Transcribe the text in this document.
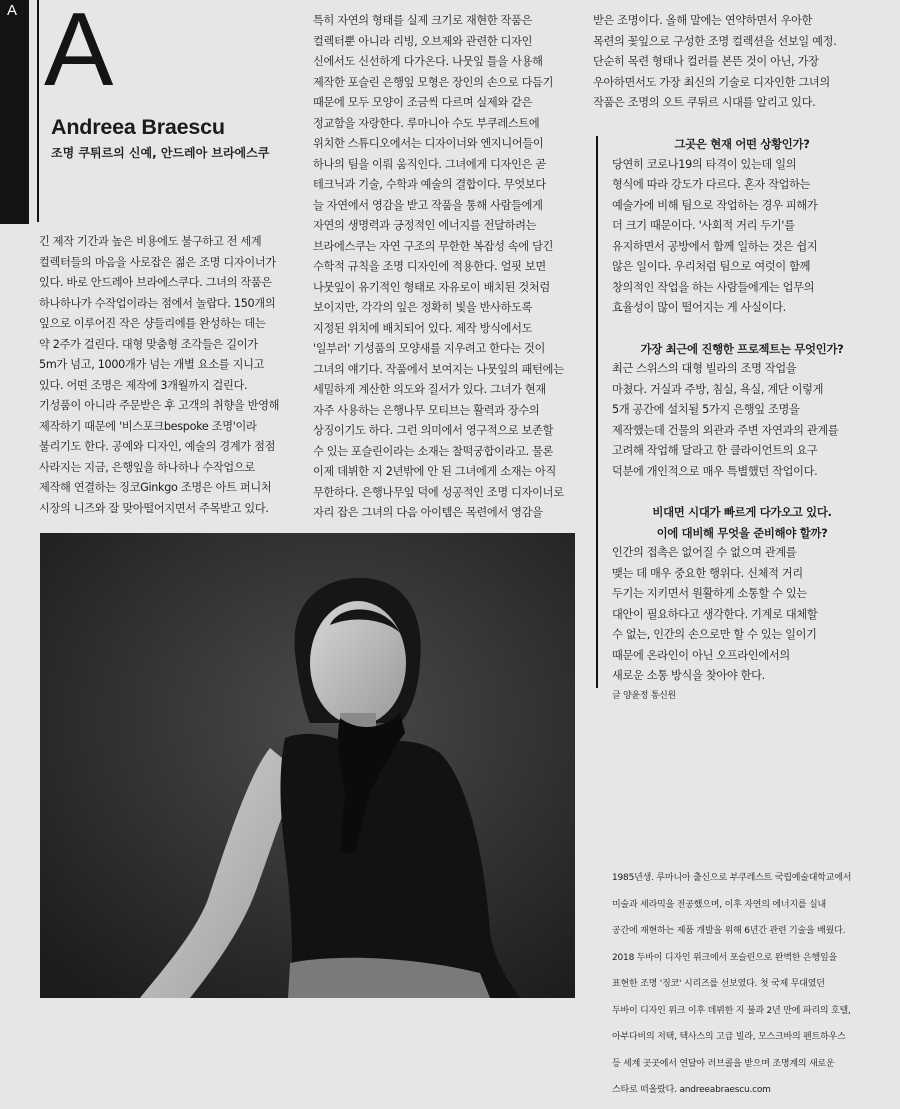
A A
Andreea Braescu
조명 쿠튀르의 신예, 안드레아 브라에스쿠

긴 제작 기간과 높은 비용에도 불구하고 전 세계

컬렉터들의 마음을 사로잡은 젊은 조명 디자이너가

있다. 바로 안드레아 브라에스쿠다. 그녀의 작품은

하나하나가 수작업이라는 점에서 놀랍다. 150개의

잎으로 이루어진 작은 샹들리에를 완성하는 데는

약 2주가 걸린다. 대형 맞춤형 조각들은 길이가

5m가 넘고, 1000개가 넘는 개별 요소를 지니고

있다. 어떤 조명은 제작에 3개월까지 걸린다.

기성품이 아니라 주문받은 후 고객의 취향을 반영해

제작하기 때문에 '비스포크bespoke 조명'이라

불리기도 한다. 공예와 디자인, 예술의 경계가 점점

사라지는 지금, 은행잎을 하나하나 수작업으로

제작해 연결하는 징코Ginkgo 조명은 아트 퍼니처

시장의 니즈와 잘 맞아떨어지면서 주목받고 있다.

특히 자연의 형태를 실제 크기로 재현한 작품은

컬렉터뿐 아니라 리빙, 오브제와 관련한 디자인

신에서도 신선하게 다가온다. 나뭇잎 틀을 사용해

제작한 포슬린 은행잎 모형은 장인의 손으로 다듬기

때문에 모두 모양이 조금씩 다르며 실제와 같은

정교함을 자랑한다. 루마니아 수도 부쿠레스트에

위치한 스튜디오에서는 디자이너와 엔지니어들이

하나의 팀을 이뤄 움직인다. 그녀에게 디자인은 곧

테크닉과 기술, 수학과 예술의 결합이다. 무엇보다

늘 자연에서 영감을 받고 작품을 통해 사람들에게

자연의 생명력과 긍정적인 에너지를 전달하려는

브라에스쿠는 자연 구조의 무한한 복잡성 속에 담긴

수학적 규칙을 조명 디자인에 적용한다. 얼핏 보면

나뭇잎이 유기적인 형태로 자유로이 배치된 것처럼

보이지만, 각각의 잎은 정확히 빛을 반사하도록

지정된 위치에 배치되어 있다. 제작 방식에서도

'일부러' 기성품의 모양새를 지우려고 한다는 것이

그녀의 얘기다. 작품에서 보여지는 나뭇잎의 패턴에는

세밀하게 계산한 의도와 질서가 있다. 그녀가 현재

자주 사용하는 은행나무 모티브는 활력과 장수의

상징이기도 하다. 그런 의미에서 영구적으로 보존할

수 있는 포슬린이라는 소재는 찰떡궁합이라고. 물론

이제 데뷔한 지 2년밖에 안 된 그녀에게 소재는 아직

무한하다. 은행나무잎 덕에 성공적인 조명 디자이너로

자리 잡은 그녀의 다음 아이템은 목련에서 영감을

받은 조명이다. 올해 말에는 연약하면서 우아한

목련의 꽃잎으로 구성한 조명 컬렉션을 선보일 예정.

단순히 목련 형태나 컬러를 본뜬 것이 아닌, 가장

우아하면서도 가장 최신의 기술로 디자인한 그녀의

작품은 조명의 오트 쿠튀르 시대를 알리고 있다.

그곳은 현재 어떤 상황인가?

당연히 코로나19의 타격이 있는데 일의

형식에 따라 강도가 다르다. 혼자 작업하는

예술가에 비해 팀으로 작업하는 경우 피해가

더 크기 때문이다. '사회적 거리 두기'를

유지하면서 공방에서 함께 일하는 것은 쉽지

않은 일이다. 우리처럼 팀으로 여럿이 함께

창의적인 작업을 하는 사람들에게는 업무의

효율성이 많이 떨어지는 게 사실이다.

가장 최근에 진행한 프로젝트는 무엇인가?

최근 스위스의 대형 빌라의 조명 작업을

마쳤다. 거실과 주방, 침실, 욕실, 계단 이렇게

5개 공간에 설치될 5가지 은행잎 조명을

제작했는데 건물의 외관과 주변 자연과의 관계를

고려해 작업해 달라고 한 클라이언트의 요구

덕분에 개인적으로 매우 특별했던 작업이다.

비대면 시대가 빠르게 다가오고 있다.

이에 대비해 무엇을 준비해야 할까?

인간의 접촉은 없어질 수 없으며 관계를

맺는 데 매우 중요한 행위다. 신체적 거리

두기는 지키면서 원활하게 소통할 수 있는

대안이 필요하다고 생각한다. 기계로 대체할

수 없는, 인간의 손으로만 할 수 있는 일이기

때문에 온라인이 아닌 오프라인에서의

새로운 소통 방식을 찾아야 한다.

글 양윤정 통신원

1985년생. 루마니아 출신으로 부쿠레스트 국립예술대학교에서

미술과 세라믹을 전공했으며, 이후 자연의 에너지를 실내

공간에 재현하는 제품 개발을 위해 6년간 관련 기술을 배웠다.

2018 두바이 디자인 위크에서 포슬린으로 완벽한 은행잎을

표현한 조명 '징코' 시리즈를 선보였다. 첫 국제 무대였던

두바이 디자인 위크 이후 데뷔한 지 불과 2년 만에 파리의 호텔,

아부다비의 저택, 텍사스의 고급 빌라, 모스크바의 펜트하우스

등 세계 곳곳에서 연달아 러브콜을 받으며 조명계의 새로운

스타로 떠올랐다. andreeabraescu.com
